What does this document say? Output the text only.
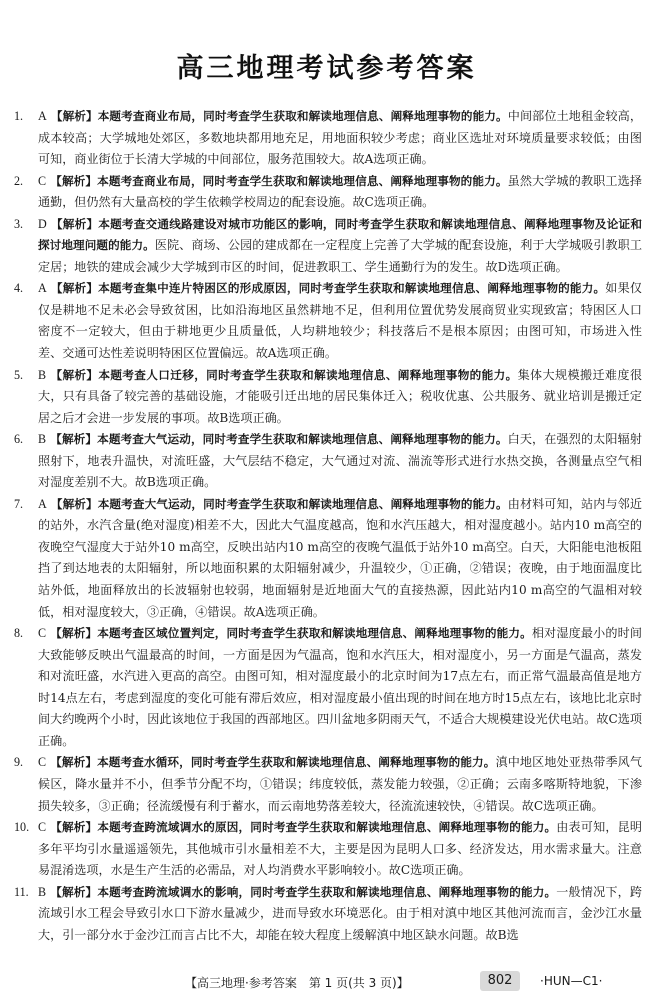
高三地理考试参考答案
1. A 【解析】本题考查商业布局，同时考查学生获取和解读地理信息、阐释地理事物的能力。中间部位土地租金较高，成本较高；大学城地处郊区，多数地块都用地充足，用地面积较少考虑；商业区选址对环境质量要求较低；由图可知，商业街位于长清大学城的中间部位，服务范围较大。故A选项正确。
2. C 【解析】本题考查商业布局，同时考查学生获取和解读地理信息、阐释地理事物的能力。虽然大学城的教职工选择通勤，但仍然有大量高校的学生依赖学校周边的配套设施。故C选项正确。
3. D 【解析】本题考查交通线路建设对城市功能区的影响，同时考查学生获取和解读地理信息、阐释地理事物及论证和探讨地理问题的能力。医院、商场、公园的建成都在一定程度上完善了大学城的配套设施，利于大学城吸引教职工定居；地铁的建成会减少大学城到市区的时间，促进教职工、学生通勤行为的发生。故D选项正确。
4. A 【解析】本题考查集中连片特困区的形成原因，同时考查学生获取和解读地理信息、阐释地理事物的能力。如果仅仅是耕地不足未必会导致贫困，比如沿海地区虽然耕地不足，但利用位置优势发展商贸业实现致富；特困区人口密度不一定较大，但由于耕地更少且质量低，人均耕地较少；科技落后不是根本原因；由图可知，市场进入性差、交通可达性差说明特困区位置偏远。故A选项正确。
5. B 【解析】本题考查人口迁移，同时考查学生获取和解读地理信息、阐释地理事物的能力。集体大规模搬迁难度很大，只有具备了较完善的基础设施，才能吸引迁出地的居民集体迁入；税收优惠、公共服务、就业培训是搬迁定居之后才会进一步发展的事项。故B选项正确。
6. B 【解析】本题考查大气运动，同时考查学生获取和解读地理信息、阐释地理事物的能力。白天，在强烈的太阳辐射照射下，地表升温快，对流旺盛，大气层结不稳定，大气通过对流、湍流等形式进行水热交换，各测量点空气相对湿度差别不大。故B选项正确。
7. A 【解析】本题考查大气运动，同时考查学生获取和解读地理信息、阐释地理事物的能力。由材料可知，站内与邻近的站外，水汽含量(绝对湿度)相差不大，因此大气温度越高，饱和水汽压越大，相对湿度越小。站内10 m高空的夜晚空气湿度大于站外10 m高空，反映出站内10 m高空的夜晚气温低于站外10 m高空。白天，大阳能电池板阻挡了到达地表的太阳辐射，所以地面积累的太阳辐射减少，升温较少，①正确，②错误；夜晚，由于地面温度比站外低，地面释放出的长波辐射也较弱，地面辐射是近地面大气的直接热源，因此站内10 m高空的气温相对较低，相对湿度较大，③正确，④错误。故A选项正确。
8. C 【解析】本题考查区域位置判定，同时考查学生获取和解读地理信息、阐释地理事物的能力。相对湿度最小的时间大致能够反映出气温最高的时间，一方面是因为气温高，饱和水汽压大，相对湿度小，另一方面是气温高，蒸发和对流旺盛，水汽进入更高的高空。由图可知，相对湿度最小的北京时间为17点左右，而正常气温最高值是地方时14点左右，考虑到湿度的变化可能有滞后效应，相对湿度最小值出现的时间在地方时15点左右，该地比北京时间大约晚两个小时，因此该地位于我国的西部地区。四川盆地多阴雨天气，不适合大规模建设光伏电站。故C选项正确。
9. C 【解析】本题考查水循环，同时考查学生获取和解读地理信息、阐释地理事物的能力。滇中地区地处亚热带季风气候区，降水量并不小，但季节分配不均，①错误；纬度较低，蒸发能力较强，②正确；云南多喀斯特地貌，下渗损失较多，③正确；径流缓慢有利于蓄水，而云南地势落差较大，径流流速较快，④错误。故C选项正确。
10. C 【解析】本题考查跨流域调水的原因，同时考查学生获取和解读地理信息、阐释地理事物的能力。由表可知，昆明多年平均引水量遥遥领先，其他城市引水量相差不大，主要是因为昆明人口多、经济发达，用水需求量大。注意易混淆选项，水是生产生活的必需品，对人均消费水平影响较小。故C选项正确。
11. B 【解析】本题考查跨流域调水的影响，同时考查学生获取和解读地理信息、阐释地理事物的能力。一般情况下，跨流域引水工程会导致引水口下游水量减少，进而导致水环境恶化。由于相对滇中地区其他河流而言，金沙江水量大，引一部分水于金沙江而言占比不大，却能在较大程度上缓解滇中地区缺水问题。故B选
【高三地理·参考答案　第 1 页(共 3 页)】	802	·HUN—C1·
